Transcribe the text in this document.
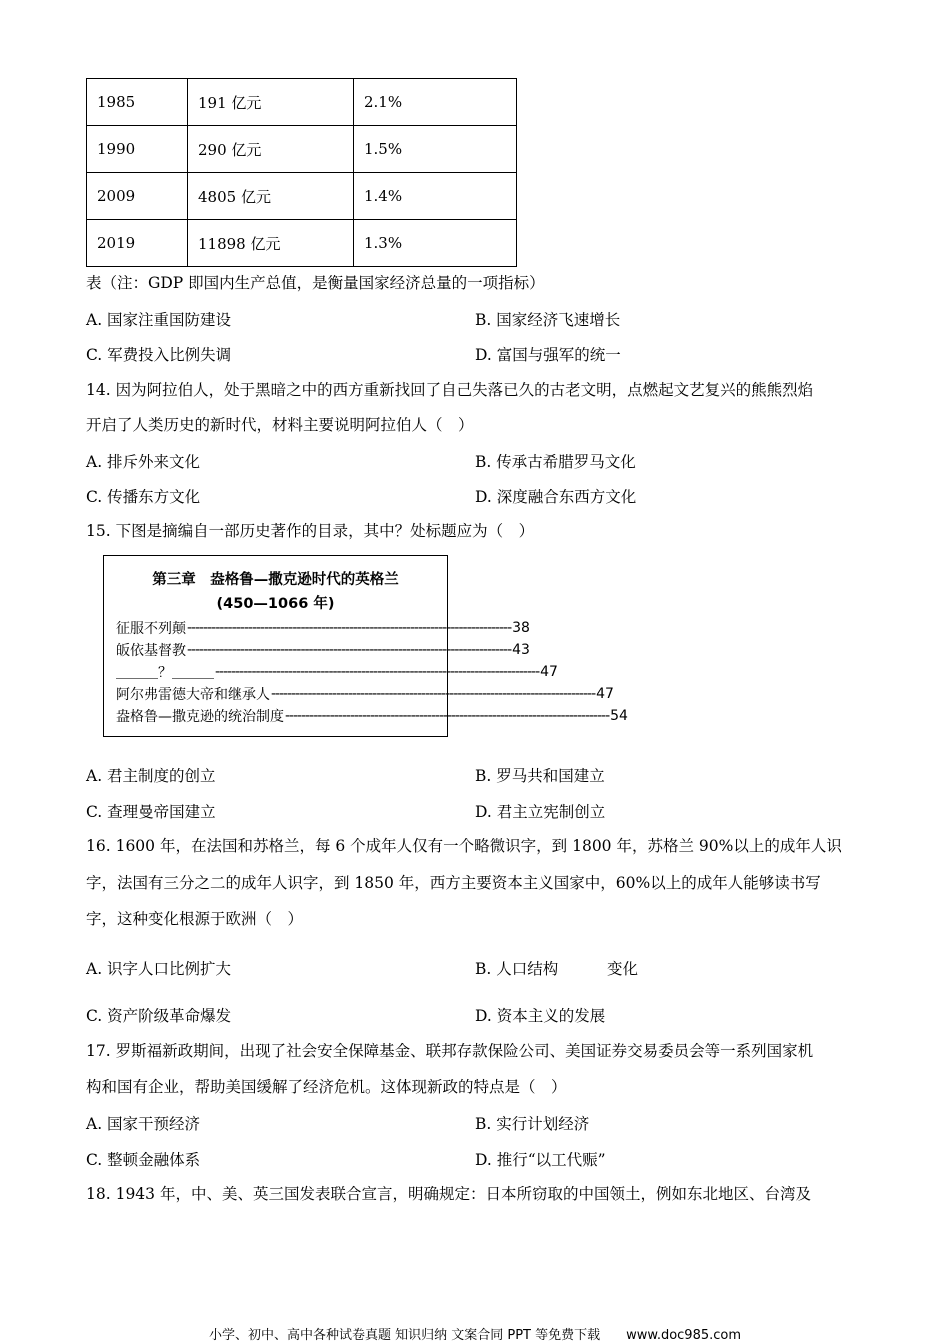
1985	191 亿元	2.1%
1990	290 亿元	1.5%
2009	4805 亿元	1.4%
2019	11898 亿元	1.3%
表（注：GDP 即国内生产总值，是衡量国家经济总量的一项指标）
A. 国家注重国防建设	B. 国家经济飞速增长
C. 军费投入比例失调	D. 富国与强军的统一
14. 因为阿拉伯人，处于黑暗之中的西方重新找回了自己失落已久的古老文明，点燃起文艺复兴的熊熊烈焰
开启了人类历史的新时代，材料主要说明阿拉伯人（　）
A. 排斥外来文化	B. 传承古希腊罗马文化
C. 传播东方文化	D. 深度融合东西方文化
15. 下图是摘编自一部历史著作的目录，其中？处标题应为（　）
第三章　盎格鲁—撒克逊时代的英格兰
(450—1066 年)
征服不列颠 -------------------------------------------------------------------------------- 38
皈依基督教 -------------------------------------------------------------------------------- 43
＿＿＿？＿＿＿ -------------------------------------------------------------------------------- 47
阿尔弗雷德大帝和继承人 -------------------------------------------------------------------------------- 47
盎格鲁—撒克逊的统治制度 -------------------------------------------------------------------------------- 54
A. 君主制度的创立	B. 罗马共和国建立
C. 查理曼帝国建立	D. 君主立宪制创立
16. 1600 年，在法国和苏格兰，每 6 个成年人仅有一个略微识字，到 1800 年，苏格兰 90%以上的成年人识
字，法国有三分之二的成年人识字，到 1850 年，西方主要资本主义国家中，60%以上的成年人能够读书写
字，这种变化根源于欧洲（　）
A. 识字人口比例扩大	B. 人口结构	变化
C. 资产阶级革命爆发	D. 资本主义的发展
17. 罗斯福新政期间，出现了社会安全保障基金、联邦存款保险公司、美国证券交易委员会等一系列国家机
构和国有企业，帮助美国缓解了经济危机。这体现新政的特点是（　）
A. 国家干预经济	B. 实行计划经济
C. 整顿金融体系	D. 推行“以工代赈”
18. 1943 年，中、美、英三国发表联合宣言，明确规定：日本所窃取的中国领土，例如东北地区、台湾及
小学、初中、高中各种试卷真题 知识归纳 文案合同 PPT 等免费下载　　www.doc985.com
